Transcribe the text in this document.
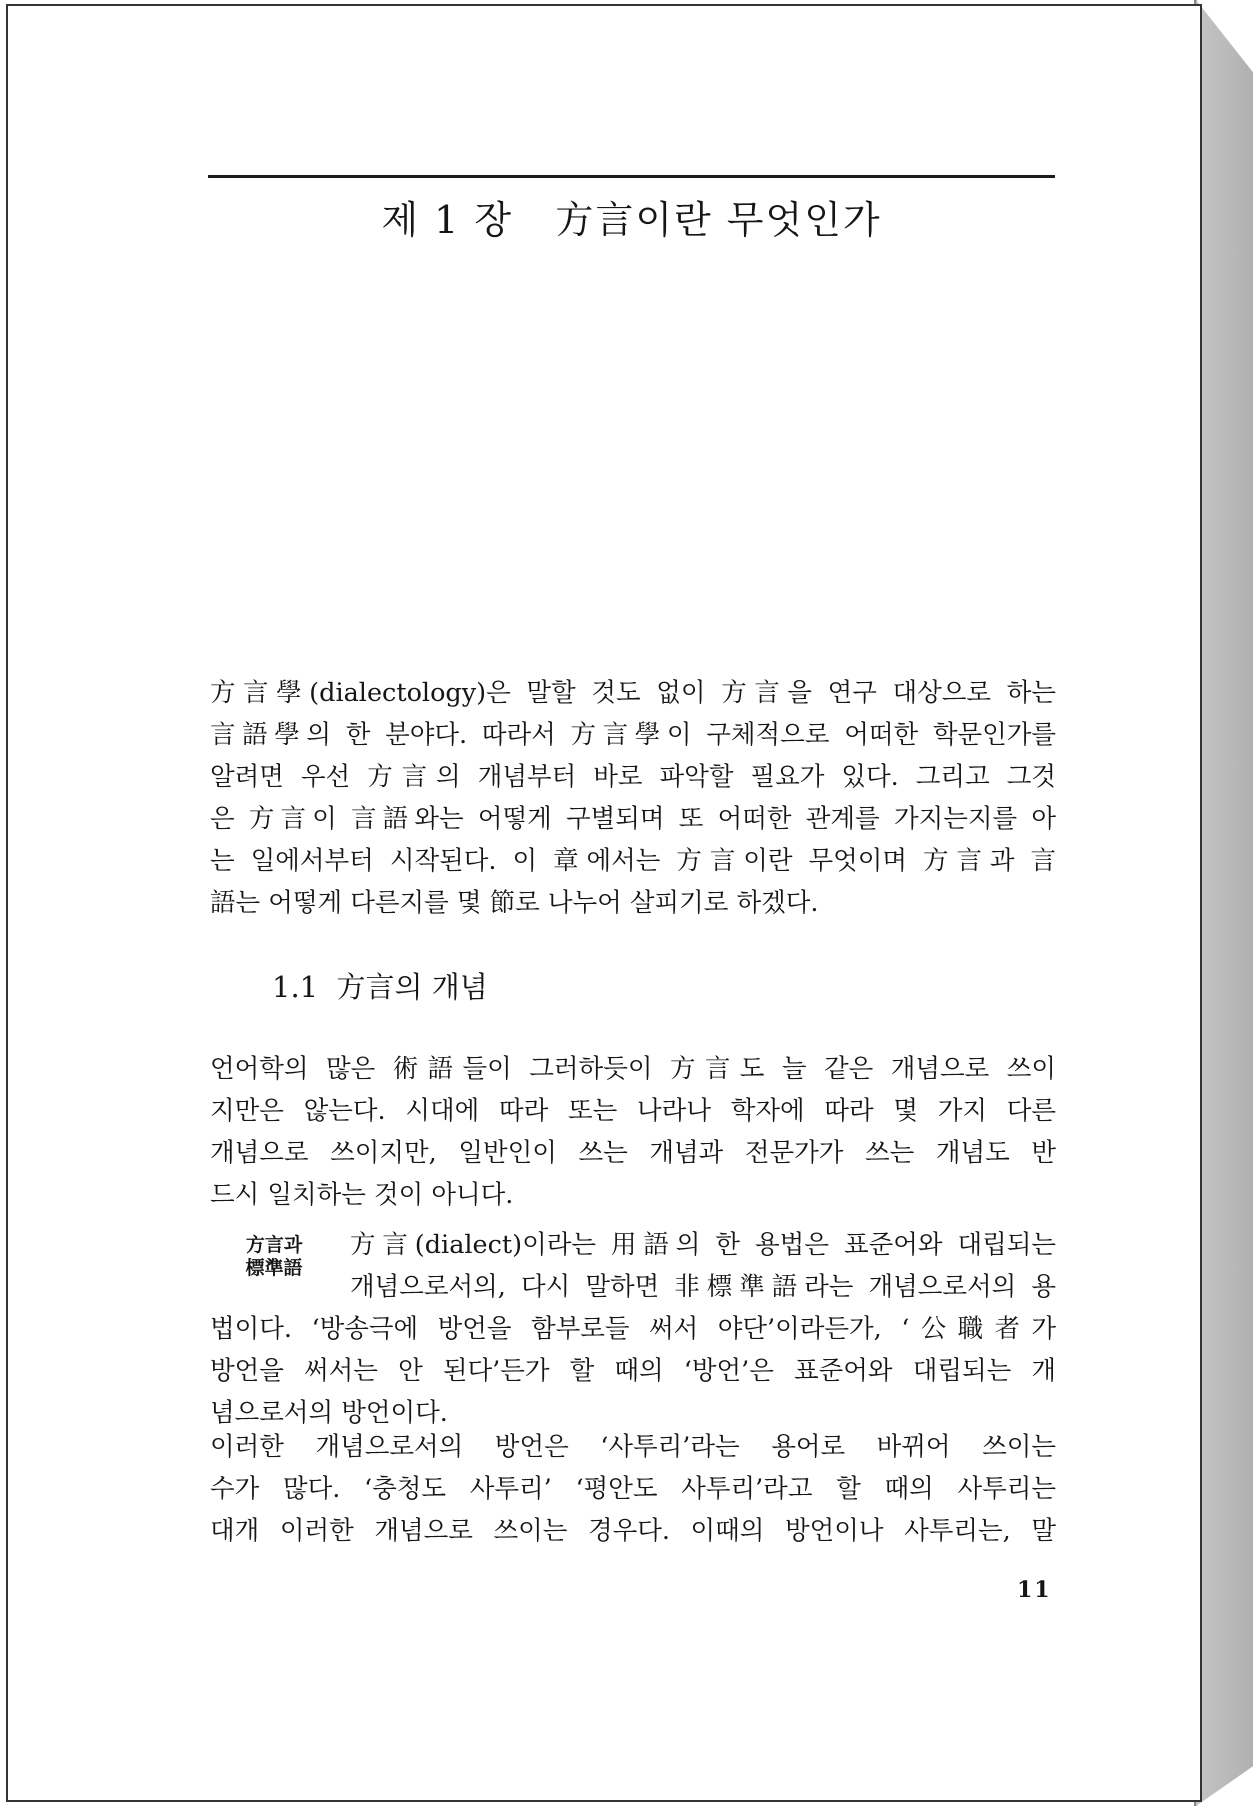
제 1 장   方言이란 무엇인가
方言學(dialectology)은 말할 것도 없이 方言을 연구 대상으로 하는
言語學의 한 분야다. 따라서 方言學이 구체적으로 어떠한 학문인가를
알려면 우선 方言의 개념부터 바로 파악할 필요가 있다. 그리고 그것
은 方言이 言語와는 어떻게 구별되며 또 어떠한 관계를 가지는지를 아
는 일에서부터 시작된다. 이 章에서는 方言이란 무엇이며 方言과 言
語는 어떻게 다른지를 몇 節로 나누어 살피기로 하겠다.
1.1  方言의 개념
언어학의 많은 術語들이 그러하듯이 方言도 늘 같은 개념으로 쓰이
지만은 않는다. 시대에 따라 또는 나라나 학자에 따라 몇 가지 다른
개념으로 쓰이지만, 일반인이 쓰는 개념과 전문가가 쓰는 개념도 반
드시 일치하는 것이 아니다.
方言과
標準語
方言(dialect)이라는 用語의 한 용법은 표준어와 대립되는
개념으로서의, 다시 말하면 非標準語라는 개념으로서의 용
법이다. ‘방송극에 방언을 함부로들 써서 야단’이라든가, ‘公職者가
방언을 써서는 안 된다’든가 할 때의 ‘방언’은 표준어와 대립되는 개
념으로서의 방언이다.
이러한 개념으로서의 방언은 ‘사투리’라는 용어로 바뀌어 쓰이는
수가 많다. ‘충청도 사투리’ ‘평안도 사투리’라고 할 때의 사투리는
대개 이러한 개념으로 쓰이는 경우다. 이때의 방언이나 사투리는, 말
11
